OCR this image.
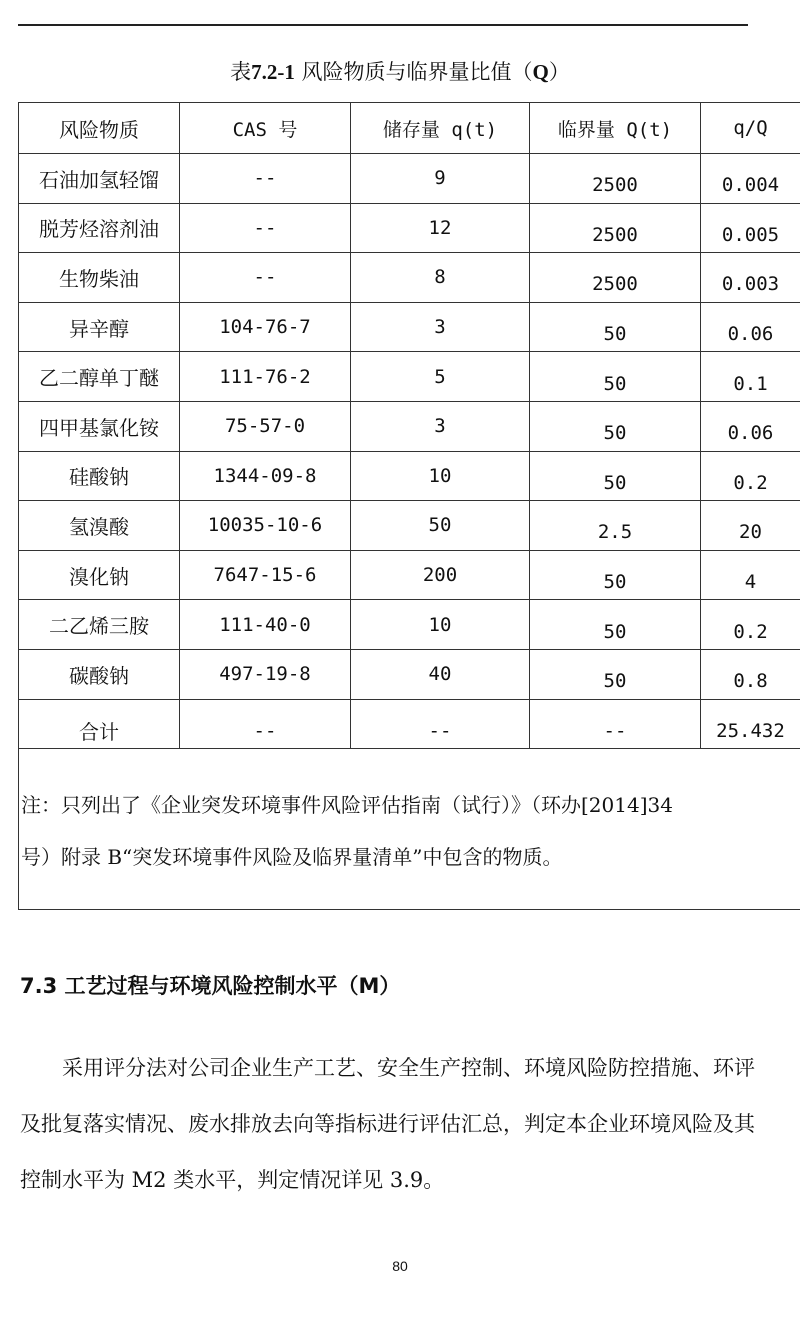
表7.2-1 风险物质与临界量比值（Q）
风险物质	CAS 号	储存量 q(t)	临界量 Q(t)	q/Q
石油加氢轻馏	--	9	2500	0.004
脱芳烃溶剂油	--	12	2500	0.005
生物柴油	--	8	2500	0.003
异辛醇	104-76-7	3	50	0.06
乙二醇单丁醚	111-76-2	5	50	0.1
四甲基氯化铵	75-57-0	3	50	0.06
硅酸钠	1344-09-8	10	50	0.2
氢溴酸	10035-10-6	50	2.5	20
溴化钠	7647-15-6	200	50	4
二乙烯三胺	111-40-0	10	50	0.2
碳酸钠	497-19-8	40	50	0.8
合计	--	--	--	25.432
注：只列出了《企业突发环境事件风险评估指南（试行）》（环办[2014]34
号）附录 B“突发环境事件风险及临界量清单”中包含的物质。				
7.3 工艺过程与环境风险控制水平（M）
采用评分法对公司企业生产工艺、安全生产控制、环境风险防控措施、环评及批复落实情况、废水排放去向等指标进行评估汇总，判定本企业环境风险及其控制水平为 M2 类水平，判定情况详见 3.9。
80
